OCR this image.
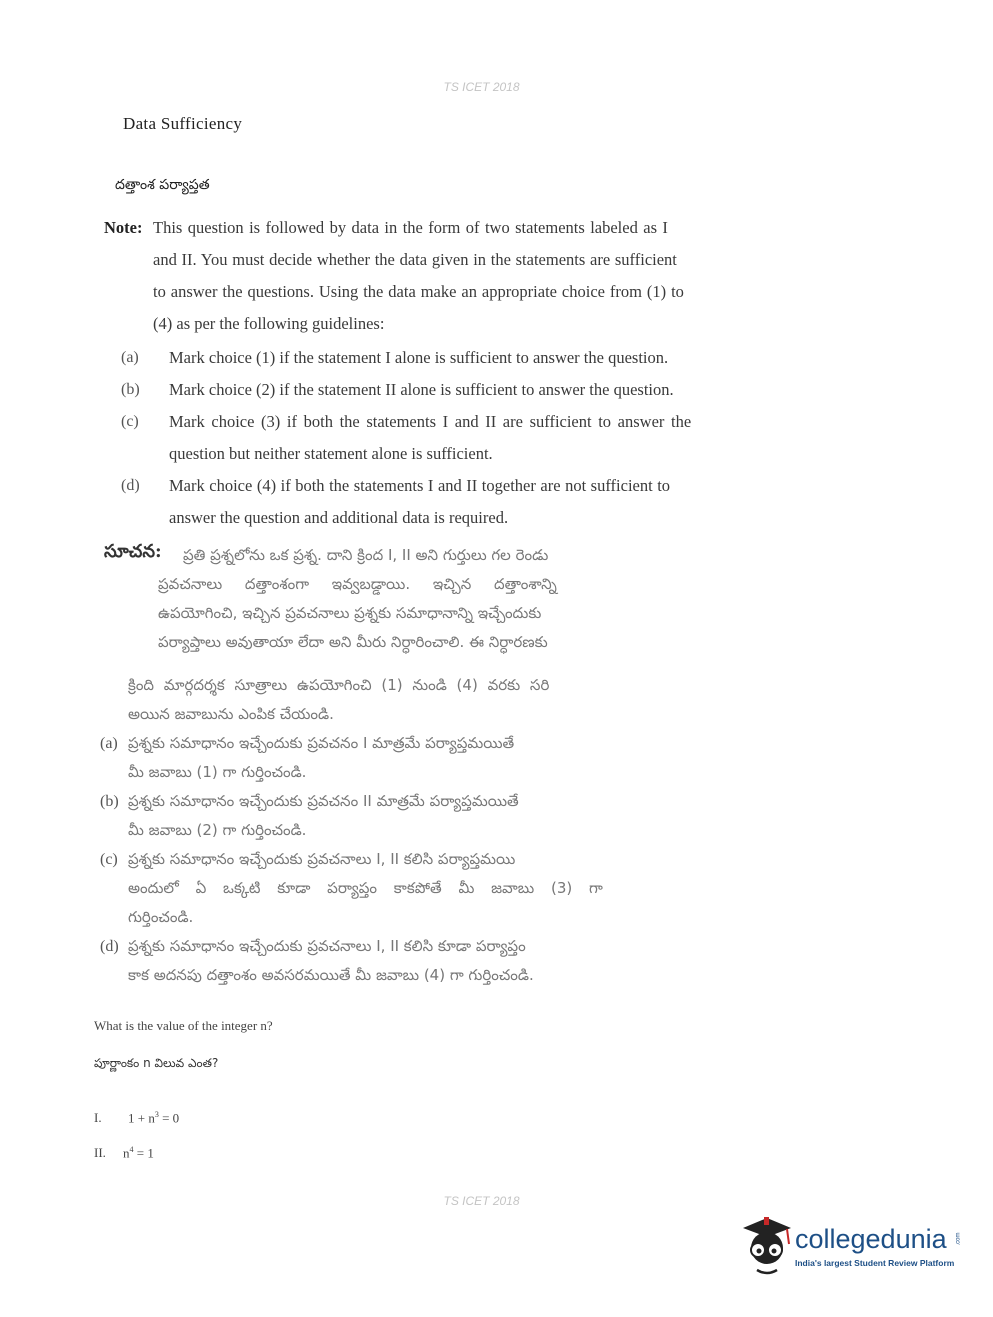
TS ICET 2018
Data Sufficiency
దత్తాంశ పర్యాప్తత
Note: This question is followed by data in the form of two statements labeled as I
and II. You must decide whether the data given in the statements are sufficient
to answer the questions. Using the data make an appropriate choice from (1) to
(4) as per the following guidelines:
(a)	Mark choice (1) if the statement I alone is sufficient to answer the question.
(b)	Mark choice (2) if the statement II alone is sufficient to answer the question.
(c)	Mark choice (3) if both the statements I and II are sufficient to answer the
question but neither statement alone is sufficient.
(d)	Mark choice (4) if both the statements I and II together are not sufficient to
answer the question and additional data is required.
సూచన: ప్రతి ప్రశ్నలోను ఒక ప్రశ్న. దాని క్రింద I, II అని గుర్తులు గల రెండు
ప్రవచనాలు దత్తాంశంగా ఇవ్వబడ్డాయి. ఇచ్చిన దత్తాంశాన్ని
ఉపయోగించి, ఇచ్చిన ప్రవచనాలు ప్రశ్నకు సమాధానాన్ని ఇచ్చేందుకు
పర్యాప్తాలు అవుతాయా లేదా అని మీరు నిర్ధారించాలి. ఈ నిర్ధారణకు
క్రింది మార్గదర్శక సూత్రాలు ఉపయోగించి (1) నుండి (4) వరకు సరి
అయిన జవాబును ఎంపిక చేయండి.
(a) ప్రశ్నకు సమాధానం ఇచ్చేందుకు ప్రవచనం I మాత్రమే పర్యాప్తమయితే
మీ జవాబు (1) గా గుర్తించండి.
(b) ప్రశ్నకు సమాధానం ఇచ్చేందుకు ప్రవచనం II మాత్రమే పర్యాప్తమయితే
మీ జవాబు (2) గా గుర్తించండి.
(c) ప్రశ్నకు సమాధానం ఇచ్చేందుకు ప్రవచనాలు I, II కలిసి పర్యాప్తమయి
అందులో ఏ ఒక్కటి కూడా పర్యాప్తం కాకపోతే మీ జవాబు (3) గా
గుర్తించండి.
(d) ప్రశ్నకు సమాధానం ఇచ్చేందుకు ప్రవచనాలు I, II కలిసి కూడా పర్యాప్తం
కాక అదనపు దత్తాంశం అవసరమయితే మీ జవాబు (4) గా గుర్తించండి.
What is the value of the integer n?
పూర్ణాంకం n విలువ ఎంత?
I. $1 + n^3 = 0$
II. $n^4 = 1$
TS ICET 2018
collegedunia .com
India's largest Student Review Platform
